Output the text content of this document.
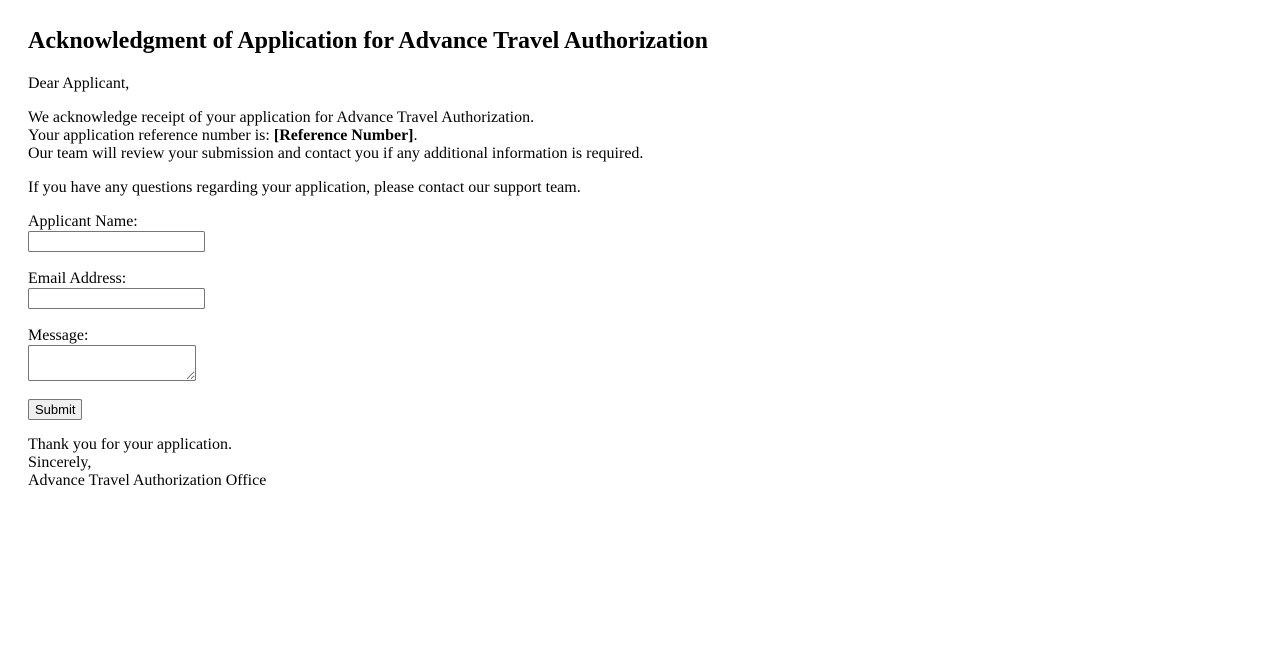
Acknowledgment of Application for Advance Travel Authorization
Dear Applicant,
We acknowledge receipt of your application for Advance Travel Authorization.
Your application reference number is: [Reference Number].
Our team will review your submission and contact you if any additional information is required.
If you have any questions regarding your application, please contact our support team.
Applicant Name:
Email Address:
Message:
Submit
Thank you for your application.
Sincerely,
Advance Travel Authorization Office
